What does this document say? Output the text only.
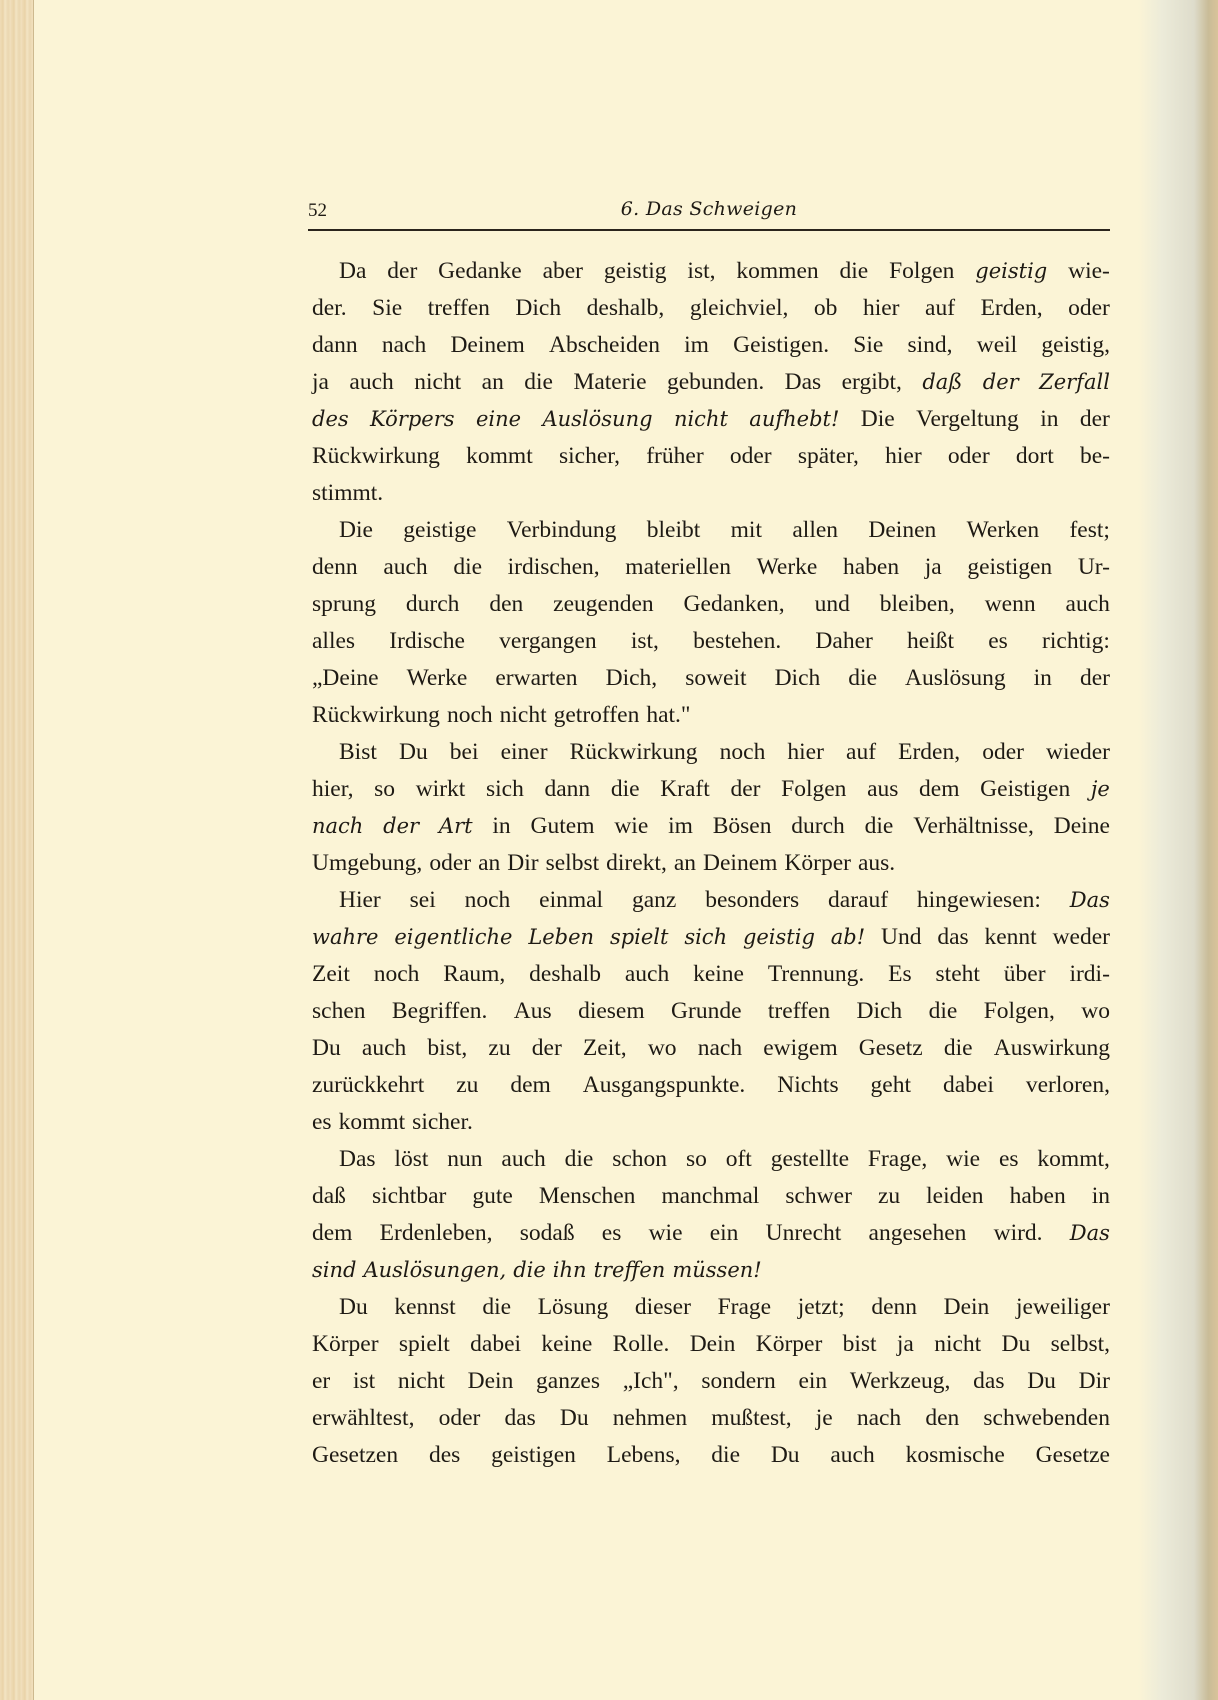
52	6. Das Schweigen
Da der Gedanke aber geistig ist, kommen die Folgen geistig wie-
der. Sie treffen Dich deshalb, gleichviel, ob hier auf Erden, oder
dann nach Deinem Abscheiden im Geistigen. Sie sind, weil geistig,
ja auch nicht an die Materie gebunden. Das ergibt, daß der Zerfall
des Körpers eine Auslösung nicht aufhebt! Die Vergeltung in der
Rückwirkung kommt sicher, früher oder später, hier oder dort be-
stimmt.
Die geistige Verbindung bleibt mit allen Deinen Werken fest;
denn auch die irdischen, materiellen Werke haben ja geistigen Ur-
sprung durch den zeugenden Gedanken, und bleiben, wenn auch
alles Irdische vergangen ist, bestehen. Daher heißt es richtig:
„Deine Werke erwarten Dich, soweit Dich die Auslösung in der
Rückwirkung noch nicht getroffen hat."
Bist Du bei einer Rückwirkung noch hier auf Erden, oder wieder
hier, so wirkt sich dann die Kraft der Folgen aus dem Geistigen je
nach der Art in Gutem wie im Bösen durch die Verhältnisse, Deine
Umgebung, oder an Dir selbst direkt, an Deinem Körper aus.
Hier sei noch einmal ganz besonders darauf hingewiesen: Das
wahre eigentliche Leben spielt sich geistig ab! Und das kennt weder
Zeit noch Raum, deshalb auch keine Trennung. Es steht über irdi-
schen Begriffen. Aus diesem Grunde treffen Dich die Folgen, wo
Du auch bist, zu der Zeit, wo nach ewigem Gesetz die Auswirkung
zurückkehrt zu dem Ausgangspunkte. Nichts geht dabei verloren,
es kommt sicher.
Das löst nun auch die schon so oft gestellte Frage, wie es kommt,
daß sichtbar gute Menschen manchmal schwer zu leiden haben in
dem Erdenleben, sodaß es wie ein Unrecht angesehen wird. Das
sind Auslösungen, die ihn treffen müssen!
Du kennst die Lösung dieser Frage jetzt; denn Dein jeweiliger
Körper spielt dabei keine Rolle. Dein Körper bist ja nicht Du selbst,
er ist nicht Dein ganzes „Ich", sondern ein Werkzeug, das Du Dir
erwähltest, oder das Du nehmen mußtest, je nach den schwebenden
Gesetzen des geistigen Lebens, die Du auch kosmische Gesetze
